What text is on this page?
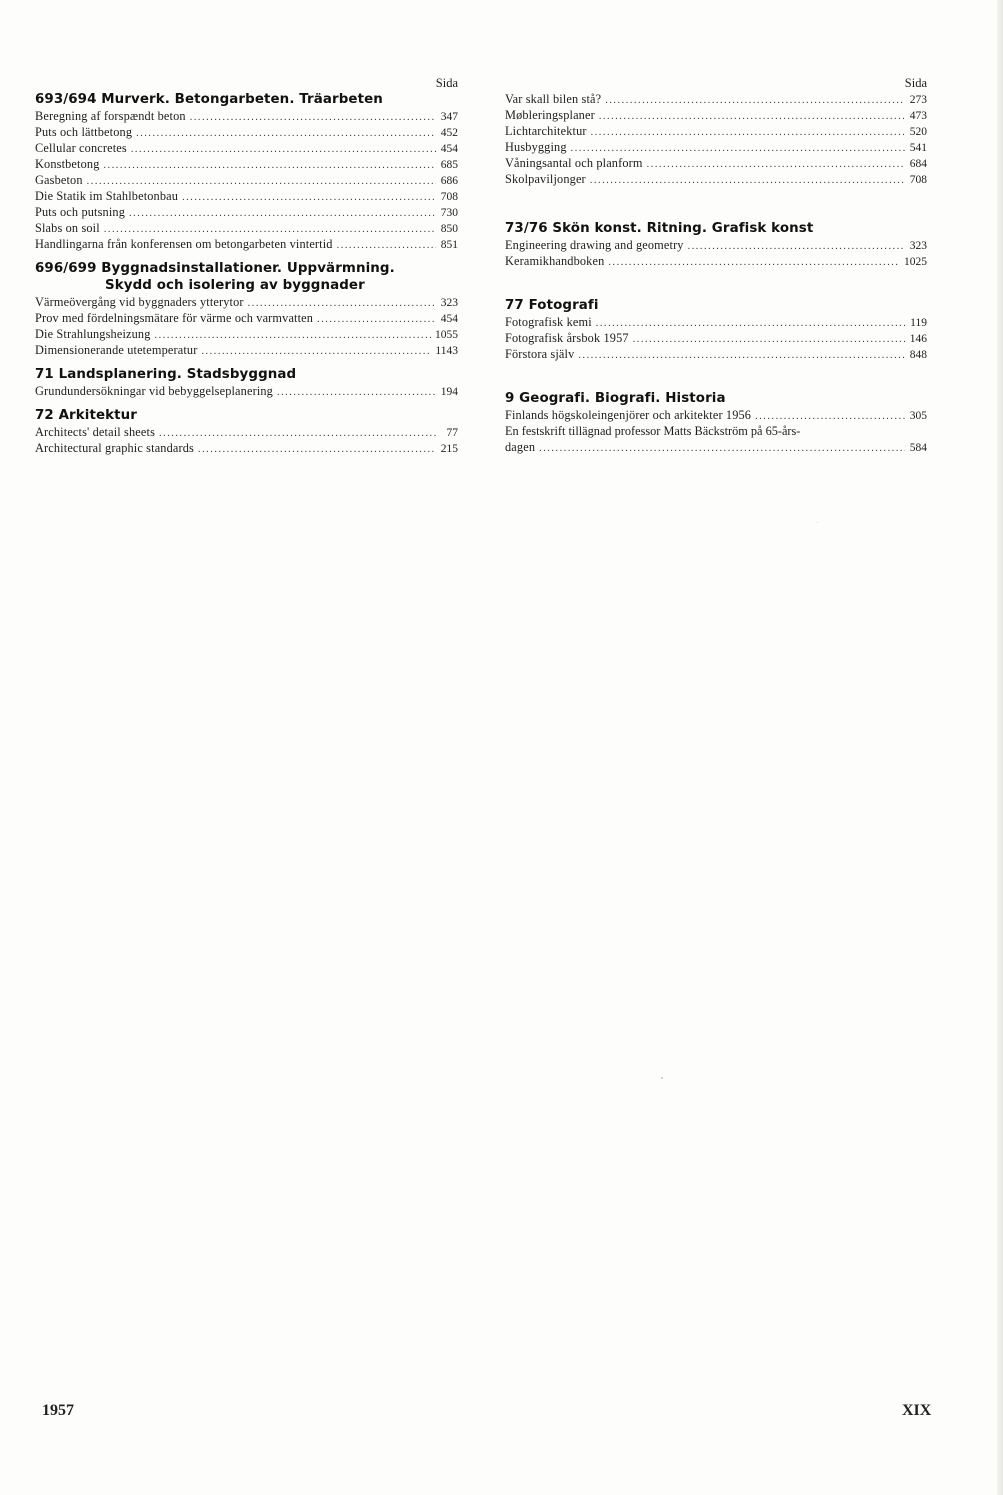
Sida
693/694 Murverk. Betongarbeten. Träarbeten
Beregning af forspændt beton .....	347
Puts och lättbetong .....	452
Cellular concretes .....	454
Konstbetong .....	685
Gasbeton .....	686
Die Statik im Stahlbetonbau .....	708
Puts och putsning .....	730
Slabs on soil .....	850
Handlingarna från konferensen om betongarbeten vintertid .....	851
696/699 Byggnadsinstallationer. Uppvärmning.
Skydd och isolering av byggnader
Värmeövergång vid byggnaders ytterytor .....	323
Prov med fördelningsmätare för värme och varmvatten .....	454
Die Strahlungsheizung .....	1055
Dimensionerande utetemperatur .....	1143
71 Landsplanering. Stadsbyggnad
Grundundersökningar vid bebyggelseplanering .....	194
72 Arkitektur
Architects' detail sheets .....	77
Architectural graphic standards .....	215
Sida
Var skall bilen stå? .....	273
Møbleringsplaner .....	473
Lichtarchitektur .....	520
Husbygging .....	541
Våningsantal och planform .....	684
Skolpaviljonger .....	708
73/76 Skön konst. Ritning. Grafisk konst
Engineering drawing and geometry .....	323
Keramikhandboken .....	1025
77 Fotografi
Fotografisk kemi .....	119
Fotografisk årsbok 1957 .....	146
Förstora själv .....	848
9 Geografi. Biografi. Historia
Finlands högskoleingenjörer och arkitekter 1956 .....	305
En festskrift tillägnad professor Matts Bäckström på 65-års-
dagen .....	584
1957	XIX
